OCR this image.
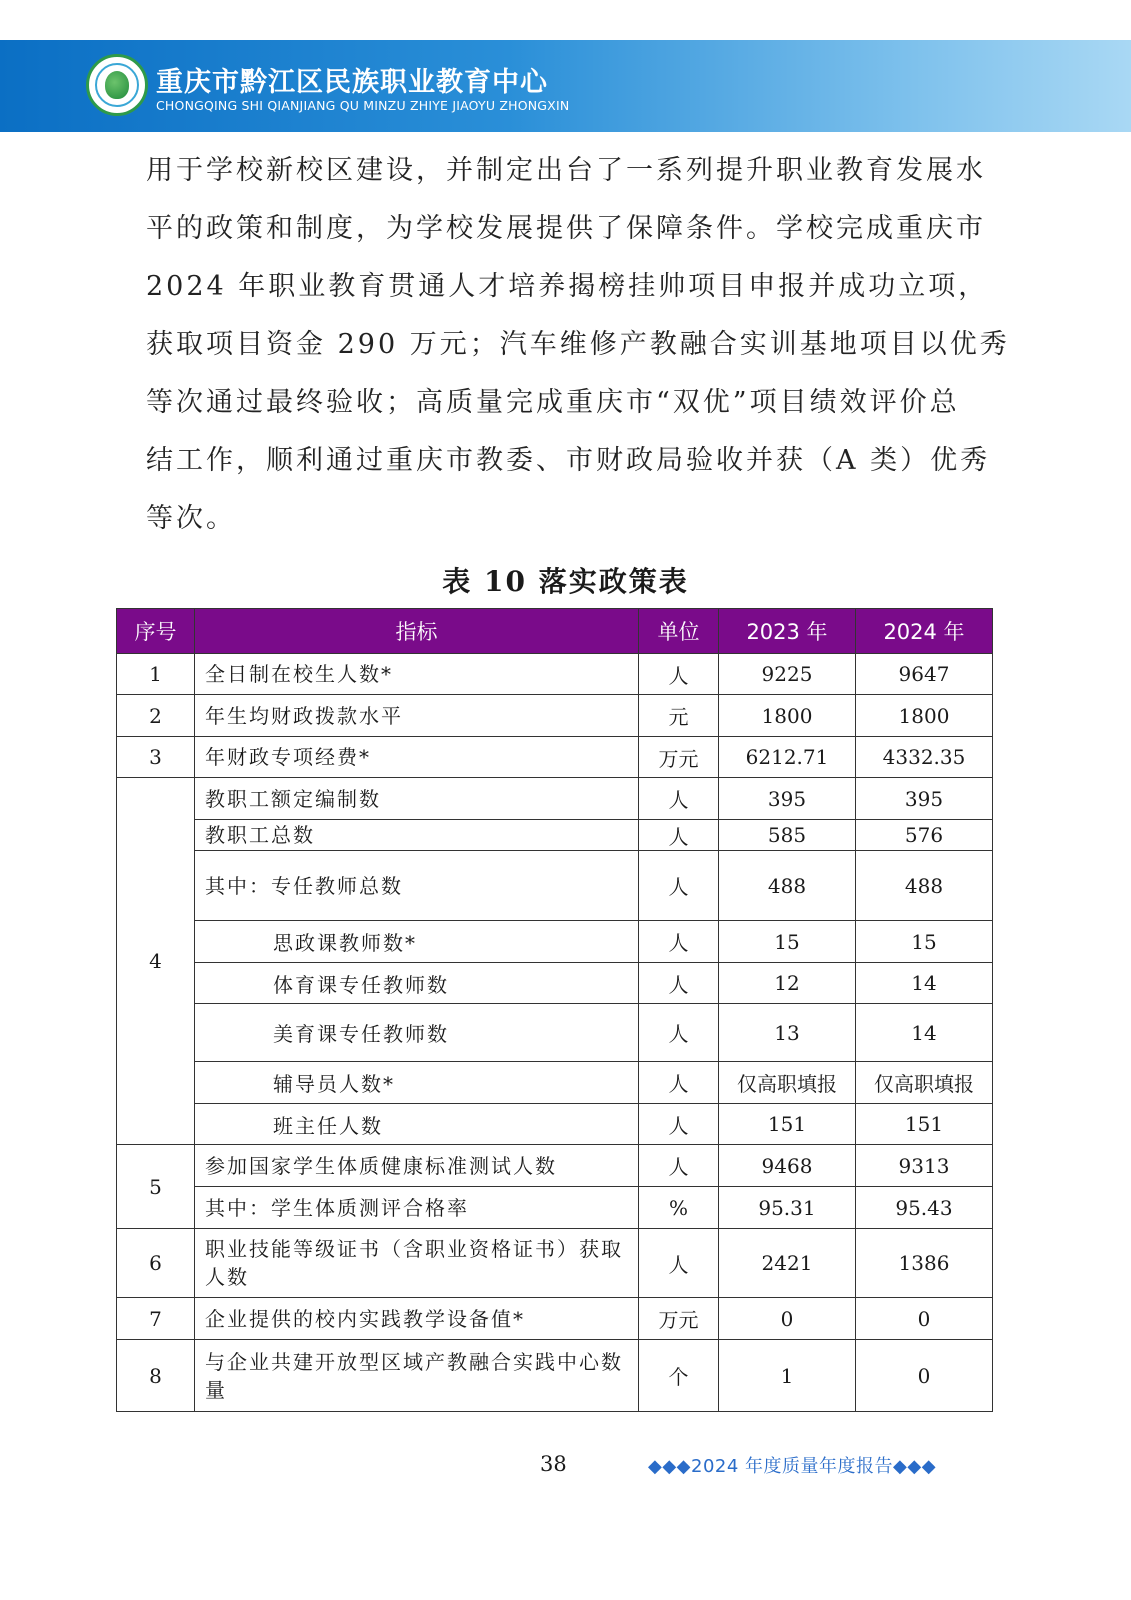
重庆市黔江区民族职业教育中心
CHONGQING SHI QIANJIANG QU MINZU ZHIYE JIAOYU ZHONGXIN
用于学校新校区建设，并制定出台了一系列提升职业教育发展水
平的政策和制度，为学校发展提供了保障条件。学校完成重庆市
2024 年职业教育贯通人才培养揭榜挂帅项目申报并成功立项，
获取项目资金 290 万元；汽车维修产教融合实训基地项目以优秀
等次通过最终验收；高质量完成重庆市“双优”项目绩效评价总
结工作，顺利通过重庆市教委、市财政局验收并获（A 类）优秀
等次。
表 10 落实政策表
序号	指标	单位	2023 年	2024 年
1	全日制在校生人数*	人	9225	9647
2	年生均财政拨款水平	元	1800	1800
3	年财政专项经费*	万元	6212.71	4332.35
4	教职工额定编制数	人	395	395
	教职工总数	人	585	576
	其中：专任教师总数	人	488	488
	思政课教师数*	人	15	15
	体育课专任教师数	人	12	14
	美育课专任教师数	人	13	14
	辅导员人数*	人	仅高职填报	仅高职填报
	班主任人数	人	151	151
5	参加国家学生体质健康标准测试人数	人	9468	9313
	其中：学生体质测评合格率	%	95.31	95.43
6	职业技能等级证书（含职业资格证书）获取人数	人	2421	1386
7	企业提供的校内实践教学设备值*	万元	0	0
8	与企业共建开放型区域产教融合实践中心数量	个	1	0
38	◆◆◆2024 年度质量年度报告◆◆◆
